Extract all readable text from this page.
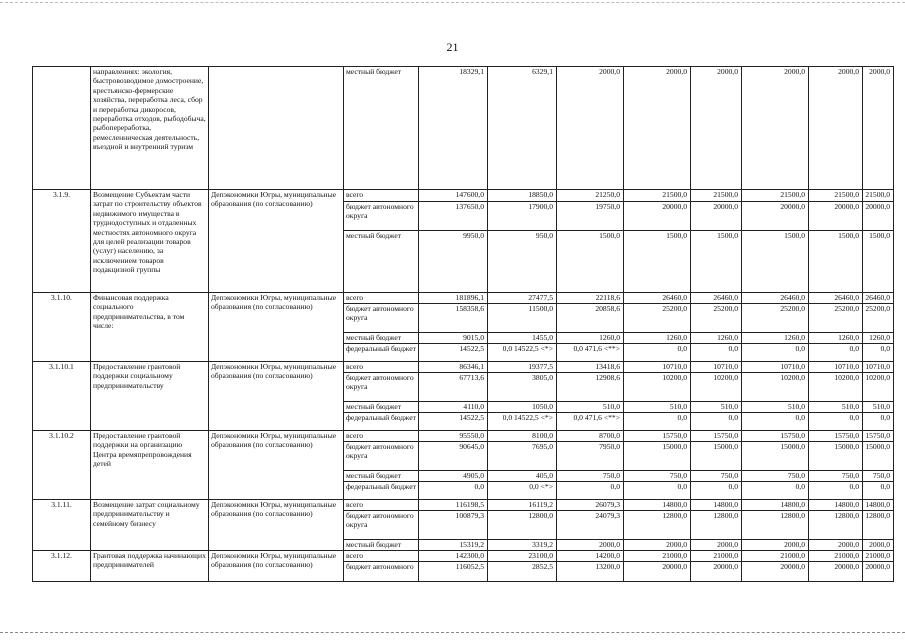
21
	направлениях: экология, быстровозводимое домостроение, крестьянско-фермерские хозяйства, переработка леса, сбор и переработка дикоросов, переработка отходов, рыбодобыча, рыбопереработка, ремесленническая деятельность, въездной и внутренний туризм		местный бюджет	18329,1	6329,1	2000,0	2000,0	2000,0	2000,0	2000,0	2000,0
3.1.9.	Возмещение Субъектам части затрат по строительству объектов недвижимого имущества в труднодоступных и отдаленных местностях автономного округа для целей реализации товаров (услуг) населению, за исключением товаров подакцизной группы	Депэкономики Югры, муниципальные образования (по согласованию)	всего	147600,0	18850,0	21250,0	21500,0	21500,0	21500,0	21500,0	21500,0
			бюджет автономного округа	137650,0	17900,0	19750,0	20000,0	20000,0	20000,0	20000,0	20000,0
			местный бюджет	9950,0	950,0	1500,0	1500,0	1500,0	1500,0	1500,0	1500,0
3.1.10.	Финансовая поддержка социального предпринимательства, в том числе:	Депэкономики Югры, муниципальные образования (по согласованию)	всего	181896,1	27477,5	22118,6	26460,0	26460,0	26460,0	26460,0	26460,0
			бюджет автономного округа	158358,6	11500,0	20858,6	25200,0	25200,0	25200,0	25200,0	25200,0
			местный бюджет	9015,0	1455,0	1260,0	1260,0	1260,0	1260,0	1260,0	1260,0
			федеральный бюджет	14522,5	0,0 14522,5 <*>	0,0 471,6 <**>	0,0	0,0	0,0	0,0	0,0
3.1.10.1	Предоставление грантовой поддержки социальному предпринимательству	Депэкономики Югры, муниципальные образования (по согласованию)	всего	86346,1	19377,5	13418,6	10710,0	10710,0	10710,0	10710,0	10710,0
			бюджет автономного округа	67713,6	3805,0	12908,6	10200,0	10200,0	10200,0	10200,0	10200,0
			местный бюджет	4110,0	1050,0	510,0	510,0	510,0	510,0	510,0	510,0
			федеральный бюджет	14522,5	0,0 14522,5 <*>	0,0 471,6 <**>	0,0	0,0	0,0	0,0	0,0
3.1.10.2	Предоставление грантовой поддержки на организацию Центра времяпрепровождения детей	Депэкономики Югры, муниципальные образования (по согласованию)	всего	95550,0	8100,0	8700,0	15750,0	15750,0	15750,0	15750,0	15750,0
			бюджет автономного округа	90645,0	7695,0	7950,0	15000,0	15000,0	15000,0	15000,0	15000,0
			местный бюджет	4905,0	405,0	750,0	750,0	750,0	750,0	750,0	750,0
			федеральный бюджет	0,0	0,0 <*>	0,0	0,0	0,0	0,0	0,0	0,0
3.1.11.	Возмещение затрат социальному предпринимательству и семейному бизнесу	Депэкономики Югры, муниципальные образования (по согласованию)	всего	116198,5	16119,2	26079,3	14800,0	14800,0	14800,0	14800,0	14800,0
			бюджет автономного округа	100879,3	12800,0	24079,3	12800,0	12800,0	12800,0	12800,0	12800,0
			местный бюджет	15319,2	3319,2	2000,0	2000,0	2000,0	2000,0	2000,0	2000,0
3.1.12.	Грантовая поддержка начинающих предпринимателей	Депэкономики Югры, муниципальные образования (по согласованию)	всего	142300,0	23100,0	14200,0	21000,0	21000,0	21000,0	21000,0	21000,0
			бюджет автономного	116052,5	2852,5	13200,0	20000,0	20000,0	20000,0	20000,0	20000,0
